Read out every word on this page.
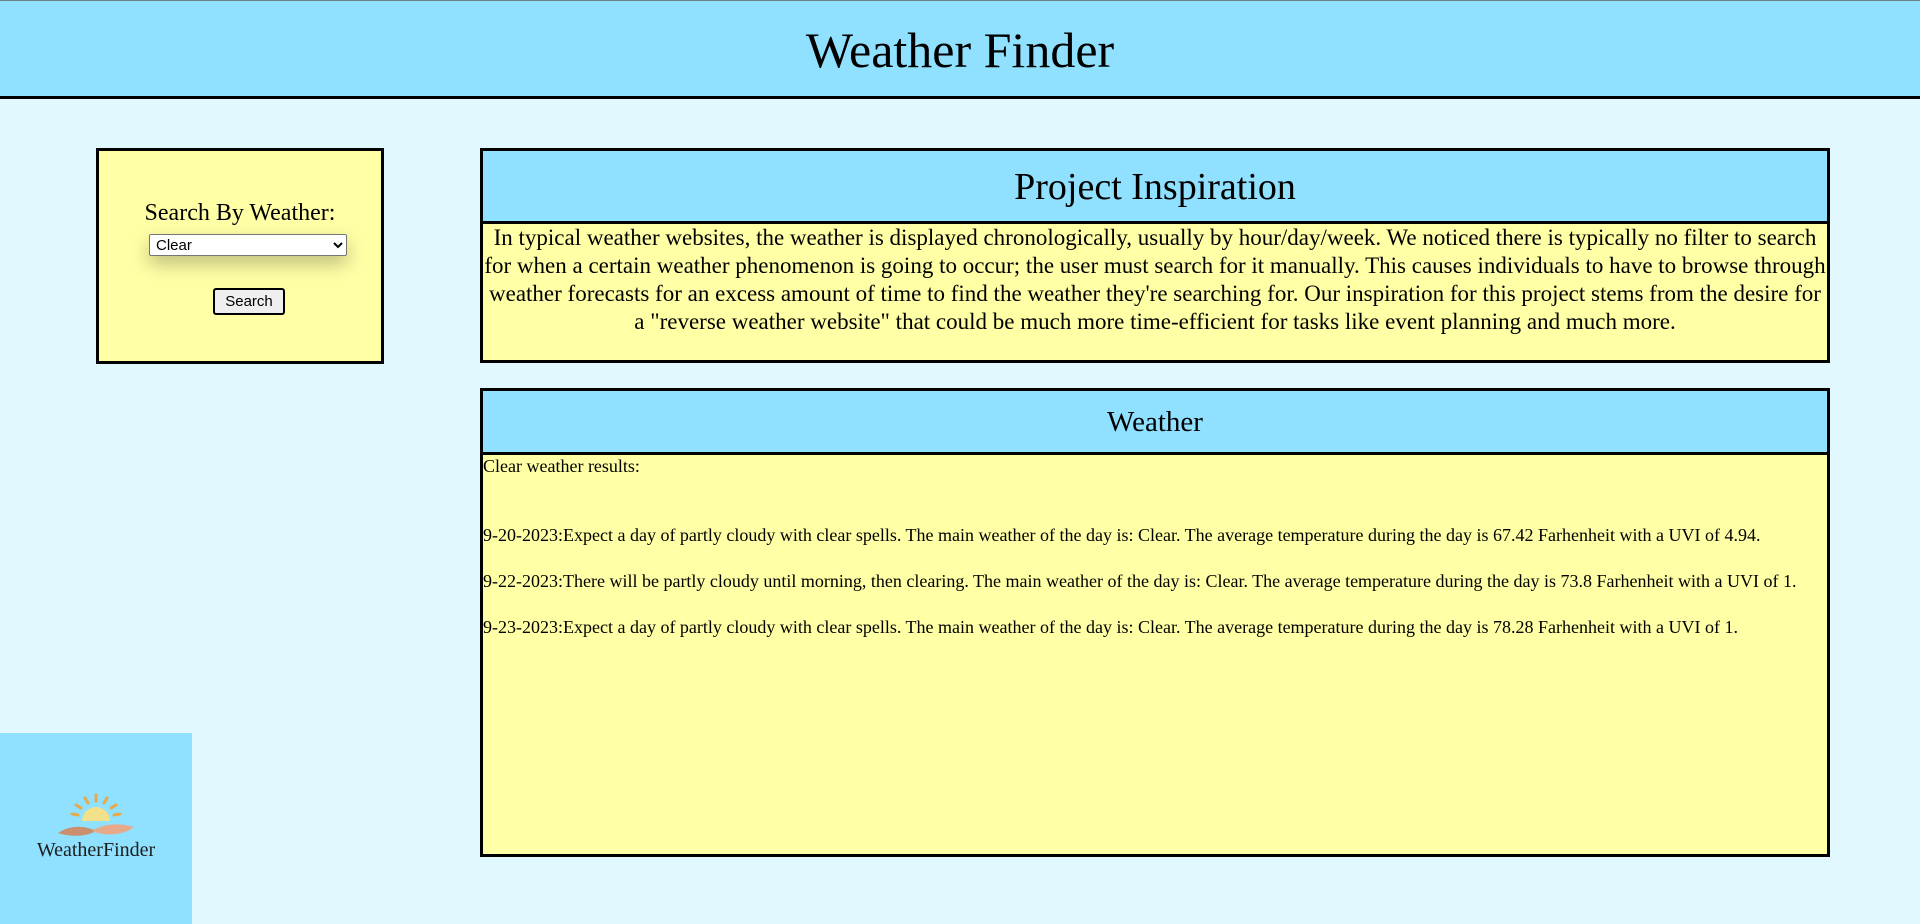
Weather Finder
Search By Weather:
Clear
Search
Project Inspiration

In typical weather websites, the weather is displayed chronologically, usually by hour/day/week. We noticed there is typically no filter to search for when a certain weather phenomenon is going to occur; the user must search for it manually. This causes individuals to have to browse through weather forecasts for an excess amount of time to find the weather they're searching for. Our inspiration for this project stems from the desire for a "reverse weather website" that could be much more time-efficient for tasks like event planning and much more.

Weather

Clear weather results:

9-20-2023:Expect a day of partly cloudy with clear spells. The main weather of the day is: Clear. The average temperature during the day is 67.42 Farhenheit with a UVI of 4.94.

9-22-2023:There will be partly cloudy until morning, then clearing. The main weather of the day is: Clear. The average temperature during the day is 73.8 Farhenheit with a UVI of 1.

9-23-2023:Expect a day of partly cloudy with clear spells. The main weather of the day is: Clear. The average temperature during the day is 78.28 Farhenheit with a UVI of 1.

WeatherFinder
